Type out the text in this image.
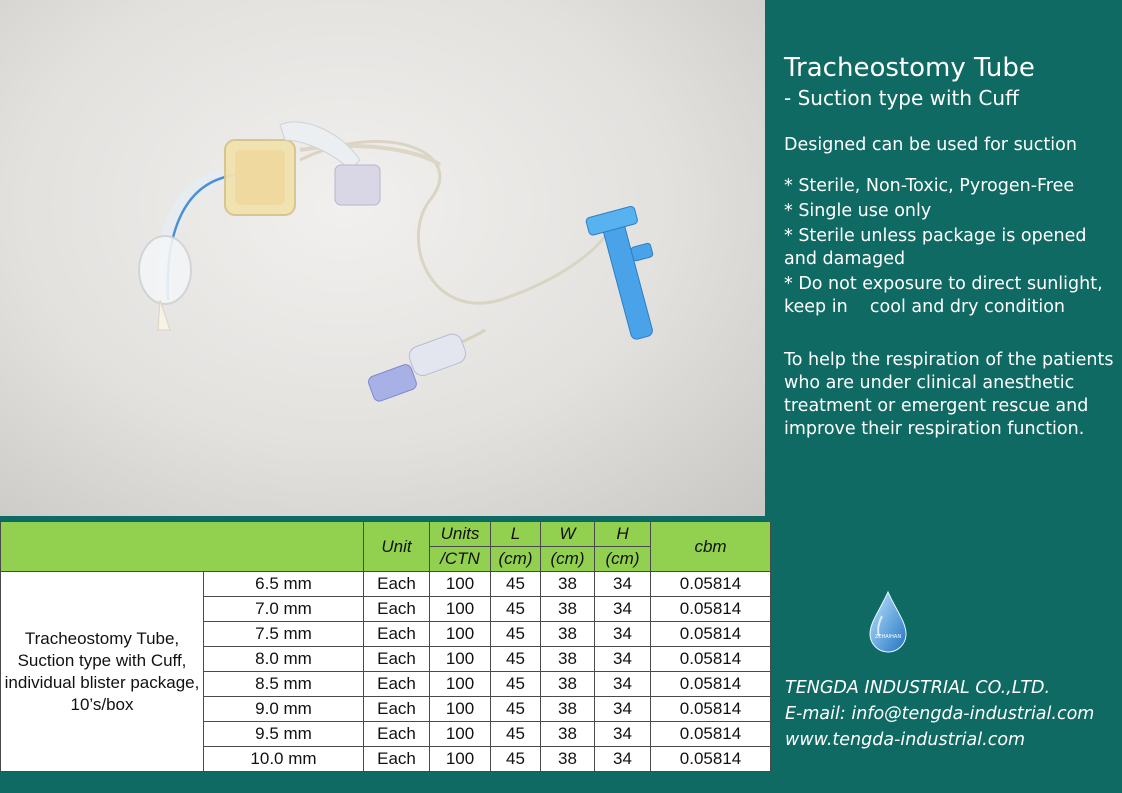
Tracheostomy Tube
- Suction type with Cuff
Designed can be used for suction
* Sterile, Non-Toxic, Pyrogen-Free
* Single use only
* Sterile unless package is opened and damaged
* Do not exposure to direct sunlight, keep in    cool and dry condition
To help the respiration of the patients who are under clinical anesthetic treatment or emergent rescue and improve their respiration function.
ZEHAIHAN
TENGDA INDUSTRIAL CO.,LTD.
E-mail: info@tengda-industrial.com
www.tengda-industrial.com
		Unit	Units	L	W	H	cbm
			/CTN	(cm)	(cm)	(cm)	
Tracheostomy Tube, Suction type with Cuff, individual blister package, 10’s/box	6.5 mm	Each	100	45	38	34	0.05814
	7.0 mm	Each	100	45	38	34	0.05814
	7.5 mm	Each	100	45	38	34	0.05814
	8.0 mm	Each	100	45	38	34	0.05814
	8.5 mm	Each	100	45	38	34	0.05814
	9.0 mm	Each	100	45	38	34	0.05814
	9.5 mm	Each	100	45	38	34	0.05814
	10.0 mm	Each	100	45	38	34	0.05814
